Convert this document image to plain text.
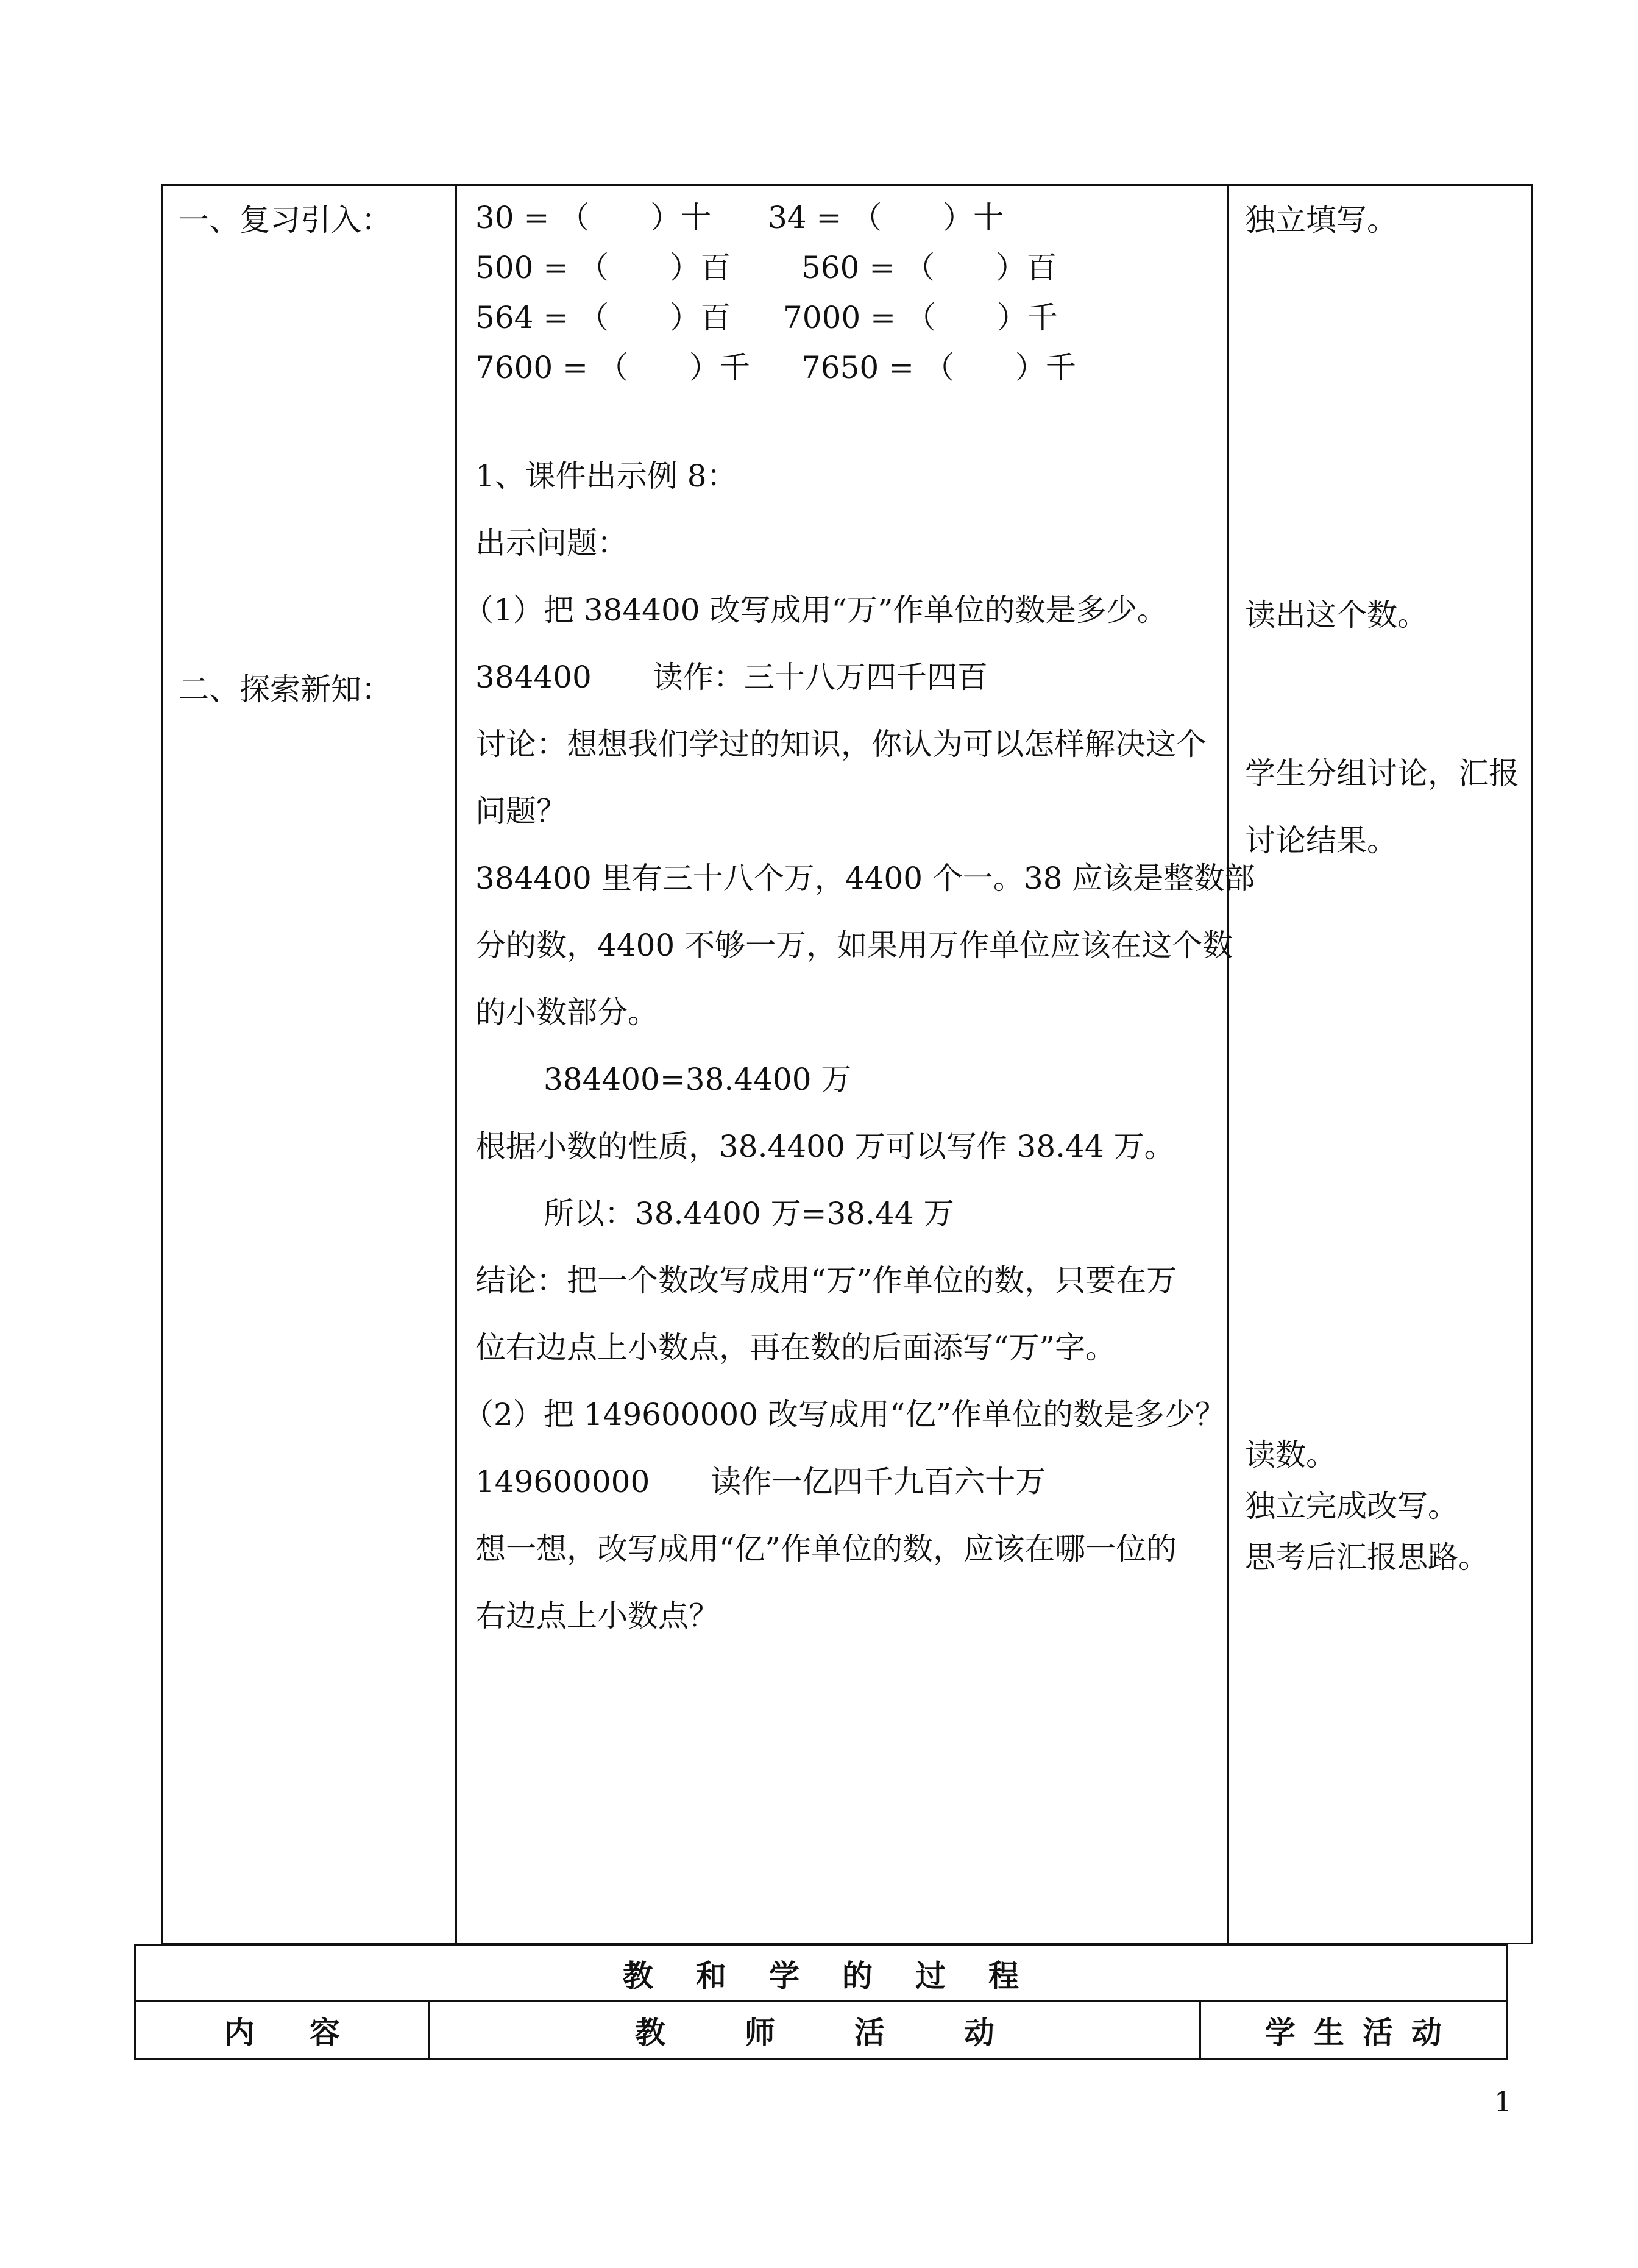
一、复习引入：
二、探索新知：
30 = （　　）十 34 = （　　）十
500 = （　　）百 560 = （　　）百
564 = （　　）百 7000 = （　　）千
7600 = （　　）千 7650 = （　　）千
1、课件出示例 8：
出示问题：
（1）把 384400 改写成用“万”作单位的数是多少。
384400　　读作：三十八万四千四百
讨论：想想我们学过的知识，你认为可以怎样解决这个
问题？
384400 里有三十八个万，4400 个一。38 应该是整数部
分的数，4400 不够一万，如果用万作单位应该在这个数
的小数部分。
384400=38.4400 万
根据小数的性质，38.4400 万可以写作 38.44 万。
所以：38.4400 万=38.44 万
结论：把一个数改写成用“万”作单位的数，只要在万
位右边点上小数点，再在数的后面添写“万”字。
（2）把 149600000 改写成用“亿”作单位的数是多少？
149600000　　读作一亿四千九百六十万
想一想，改写成用“亿”作单位的数，应该在哪一位的
右边点上小数点？
独立填写。
读出这个数。
学生分组讨论，汇报
讨论结果。
读数。
独立完成改写。
思考后汇报思路。
教和学的过程
内容	教师活动	学生活动
1
